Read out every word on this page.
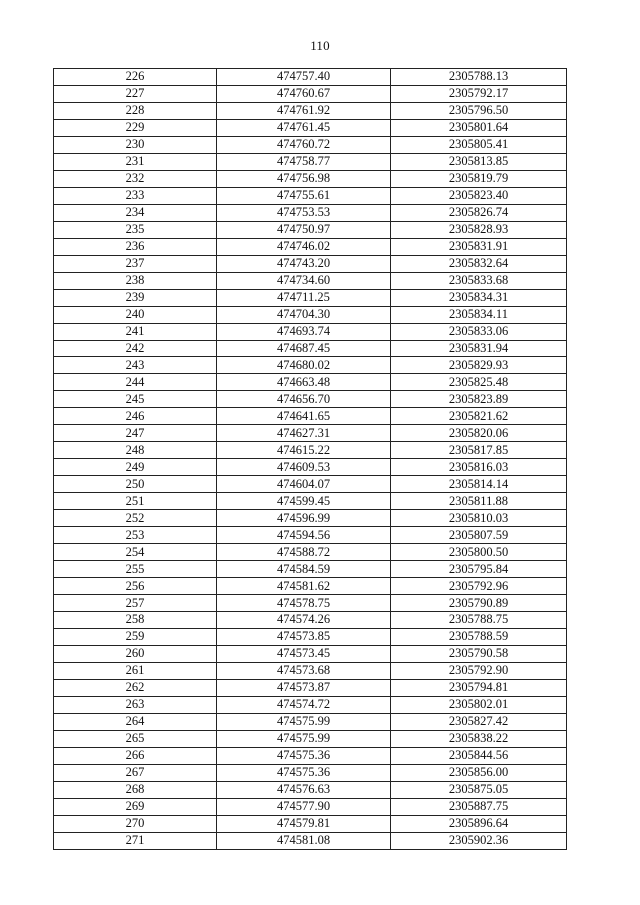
110
226	474757.40	2305788.13
227	474760.67	2305792.17
228	474761.92	2305796.50
229	474761.45	2305801.64
230	474760.72	2305805.41
231	474758.77	2305813.85
232	474756.98	2305819.79
233	474755.61	2305823.40
234	474753.53	2305826.74
235	474750.97	2305828.93
236	474746.02	2305831.91
237	474743.20	2305832.64
238	474734.60	2305833.68
239	474711.25	2305834.31
240	474704.30	2305834.11
241	474693.74	2305833.06
242	474687.45	2305831.94
243	474680.02	2305829.93
244	474663.48	2305825.48
245	474656.70	2305823.89
246	474641.65	2305821.62
247	474627.31	2305820.06
248	474615.22	2305817.85
249	474609.53	2305816.03
250	474604.07	2305814.14
251	474599.45	2305811.88
252	474596.99	2305810.03
253	474594.56	2305807.59
254	474588.72	2305800.50
255	474584.59	2305795.84
256	474581.62	2305792.96
257	474578.75	2305790.89
258	474574.26	2305788.75
259	474573.85	2305788.59
260	474573.45	2305790.58
261	474573.68	2305792.90
262	474573.87	2305794.81
263	474574.72	2305802.01
264	474575.99	2305827.42
265	474575.99	2305838.22
266	474575.36	2305844.56
267	474575.36	2305856.00
268	474576.63	2305875.05
269	474577.90	2305887.75
270	474579.81	2305896.64
271	474581.08	2305902.36
